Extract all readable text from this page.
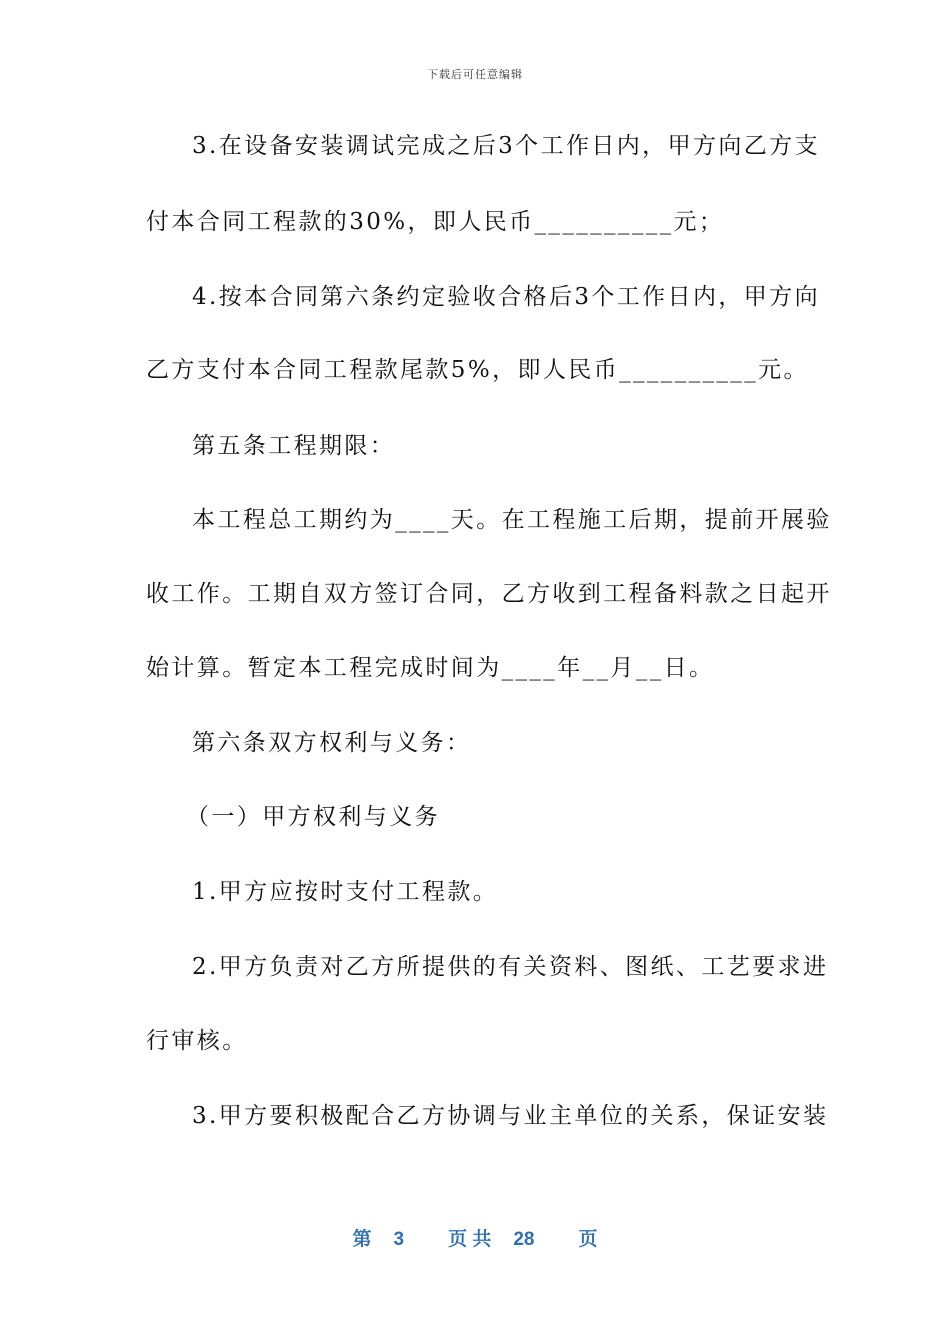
下载后可任意编辑
3.在设备安装调试完成之后3个工作日内，甲方向乙方支
付本合同工程款的30%，即人民币__________元；
4.按本合同第六条约定验收合格后3个工作日内，甲方向
乙方支付本合同工程款尾款5%，即人民币__________元。
第五条工程期限：
本工程总工期约为____天。在工程施工后期，提前开展验
收工作。工期自双方签订合同，乙方收到工程备料款之日起开
始计算。暂定本工程完成时间为____年__月__日。
第六条双方权利与义务：
（一）甲方权利与义务
1.甲方应按时支付工程款。
2.甲方负责对乙方所提供的有关资料、图纸、工艺要求进
行审核。
3.甲方要积极配合乙方协调与业主单位的关系，保证安装
第 3 页 共 28 页
